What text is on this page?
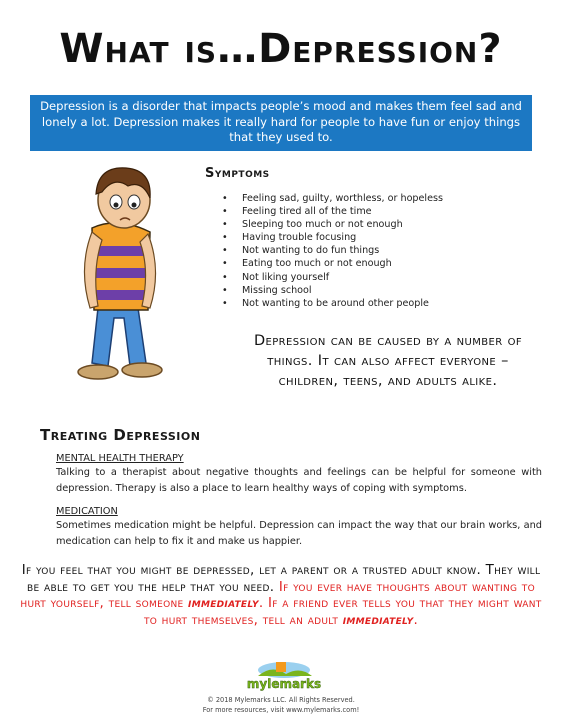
What is…Depression?
Depression is a disorder that impacts people’s mood and makes them feel sad and lonely a lot. Depression makes it really hard for people to have fun or enjoy things that they used to.
Symptoms
• Feeling sad, guilty, worthless, or hopeless
• Feeling tired all of the time
• Sleeping too much or not enough
• Having trouble focusing
• Not wanting to do fun things
• Eating too much or not enough
• Not liking yourself
• Missing school
• Not wanting to be around other people
Depression can be caused by a number of things. It can also affect everyone – children, teens, and adults alike.
Treating Depression
MENTAL HEALTH THERAPY
Talking to a therapist about negative thoughts and feelings can be helpful for someone with depression. Therapy is also a place to learn healthy ways of coping with symptoms.
MEDICATION
Sometimes medication might be helpful. Depression can impact the way that our brain works, and medication can help to fix it and make us happier.
If you feel that you might be depressed, let a parent or a trusted adult know. They will be able to get you the help that you need. If you ever have thoughts about wanting to hurt yourself, tell someone immediately. If a friend ever tells you that they might want to hurt themselves, tell an adult immediately.
mylemarks
© 2018 Mylemarks LLC. All Rights Reserved.
For more resources, visit www.mylemarks.com!
